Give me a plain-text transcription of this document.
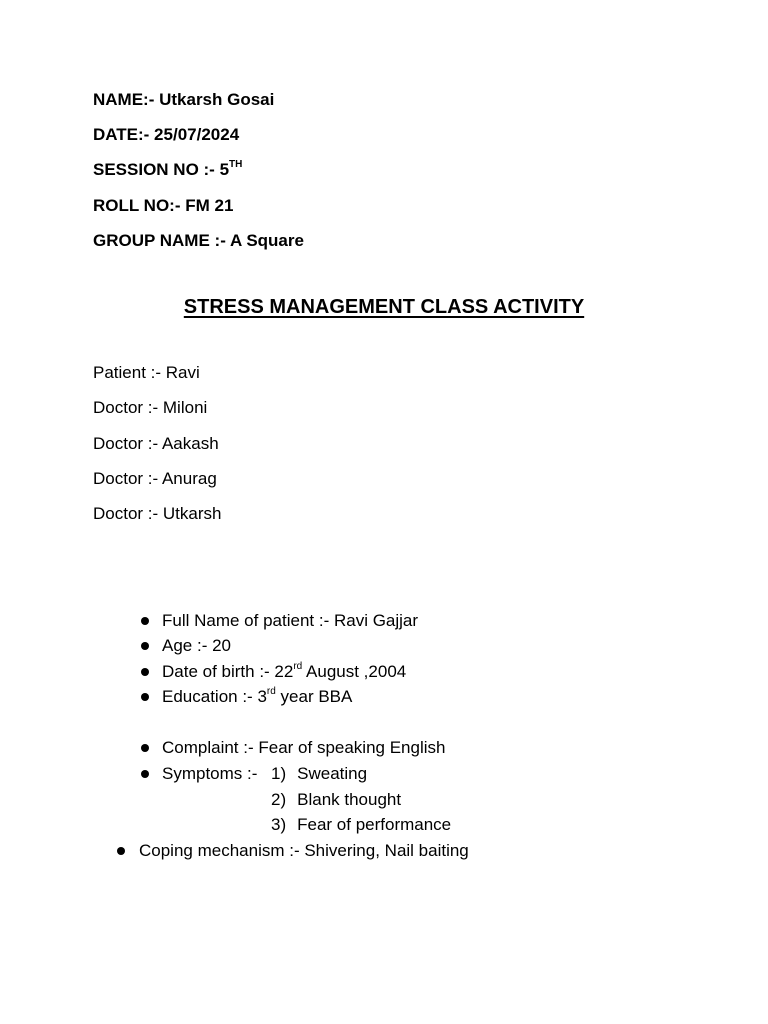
NAME:- Utkarsh Gosai
DATE:- 25/07/2024
SESSION NO :- 5TH
ROLL NO:- FM 21
GROUP NAME :- A Square
STRESS MANAGEMENT CLASS ACTIVITY
Patient :- Ravi
Doctor :- Miloni
Doctor :- Aakash
Doctor :- Anurag
Doctor :- Utkarsh
Full Name of patient :- Ravi Gajjar
Age :- 20
Date of birth :- 22rd August ,2004
Education :- 3rd year BBA
Complaint :- Fear of speaking English
Symptoms :- 1) Sweating
2) Blank thought
3) Fear of performance
Coping mechanism :- Shivering, Nail baiting
